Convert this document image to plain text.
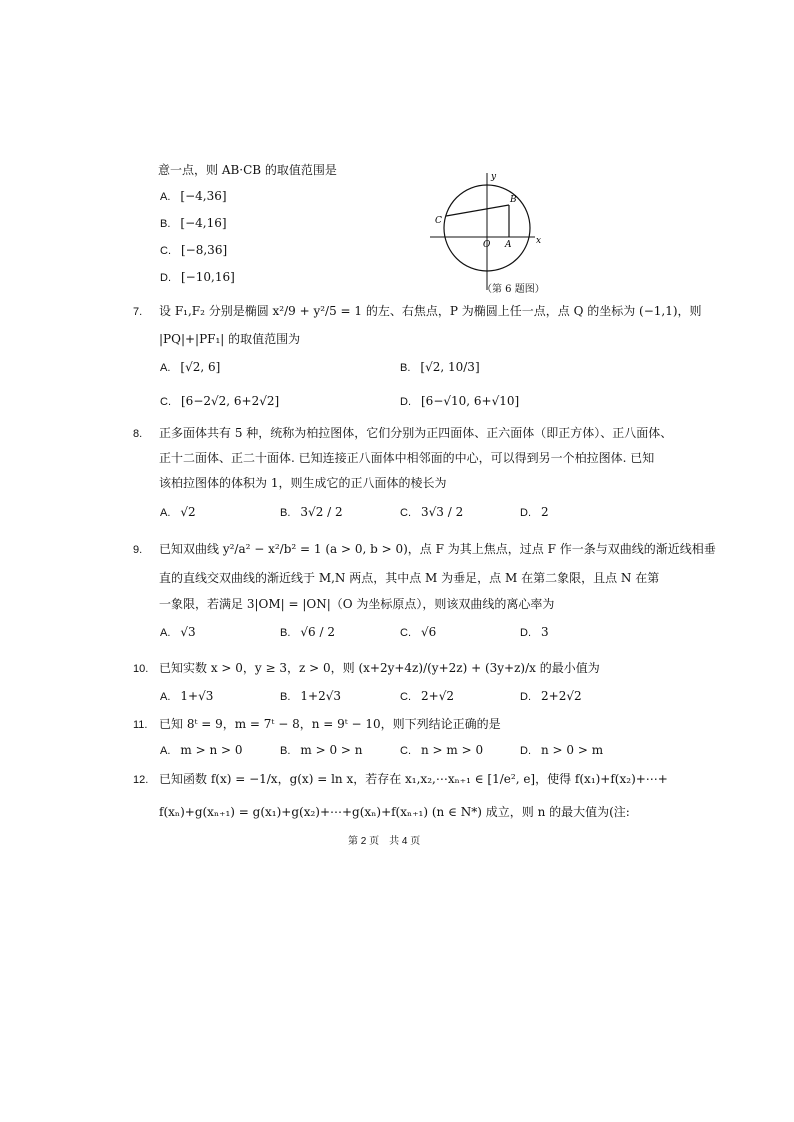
意一点，则 AB·CB 的取值范围是
A. [−4,36]
B. [−4,16]
C. [−8,36]
D. [−10,16]
y
x
O A
B
C
（第 6 题图）
7. 设 F₁,F₂ 分别是椭圆 x²/9 + y²/5 = 1 的左、右焦点，P 为椭圆上任一点，点 Q 的坐标为 (−1,1)，则
|PQ|+|PF₁| 的取值范围为
A. [√2, 6]	B. [√2, 10/3]
C. [6−2√2, 6+2√2]	D. [6−√10, 6+√10]
8. 正多面体共有 5 种，统称为柏拉图体，它们分别为正四面体、正六面体（即正方体）、正八面体、
正十二面体、正二十面体. 已知连接正八面体中相邻面的中心，可以得到另一个柏拉图体. 已知
该柏拉图体的体积为 1，则生成它的正八面体的棱长为
A. √2	B. 3√2 / 2	C. 3√3 / 2	D. 2
9. 已知双曲线 y²/a² − x²/b² = 1 (a > 0, b > 0)，点 F 为其上焦点，过点 F 作一条与双曲线的渐近线相垂
直的直线交双曲线的渐近线于 M,N 两点，其中点 M 为垂足，点 M 在第二象限，且点 N 在第
一象限，若满足 3|OM| = |ON|（O 为坐标原点），则该双曲线的离心率为
A. √3	B. √6 / 2	C. √6	D. 3
10. 已知实数 x > 0，y ≥ 3，z > 0，则 (x+2y+4z)/(y+2z) + (3y+z)/x 的最小值为
A. 1+√3	B. 1+2√3	C. 2+√2	D. 2+2√2
11. 已知 8ᵗ = 9，m = 7ᵗ − 8，n = 9ᵗ − 10，则下列结论正确的是
A. m > n > 0	B. m > 0 > n	C. n > m > 0	D. n > 0 > m
12. 已知函数 f(x) = −1/x，g(x) = ln x，若存在 x₁,x₂,⋯xₙ₊₁ ∈ [1/e², e]，使得 f(x₁)+f(x₂)+⋯+
f(xₙ)+g(xₙ₊₁) = g(x₁)+g(x₂)+⋯+g(xₙ)+f(xₙ₊₁) (n ∈ N*) 成立，则 n 的最大值为(注:
第 2 页　共 4 页
